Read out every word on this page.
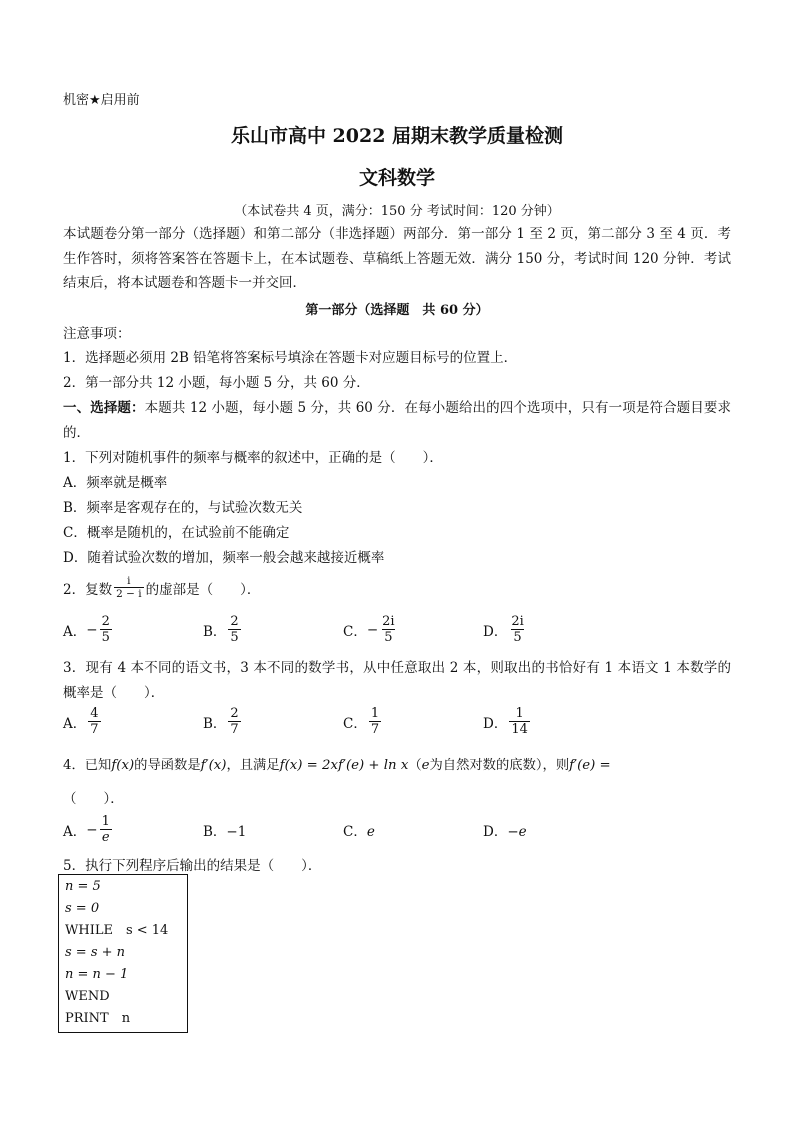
机密★启用前
乐山市高中 2022 届期末教学质量检测
文科数学
（本试卷共 4 页，满分：150 分 考试时间：120 分钟）
本试题卷分第一部分（选择题）和第二部分（非选择题）两部分．第一部分 1 至 2 页，第二部分 3 至 4 页．考生作答时，须将答案答在答题卡上，在本试题卷、草稿纸上答题无效．满分 150 分，考试时间 120 分钟．考试结束后，将本试题卷和答题卡一并交回．
第一部分（选择题　共 60 分）
注意事项：
1．选择题必须用 2B 铅笔将答案标号填涂在答题卡对应题目标号的位置上．
2．第一部分共 12 小题，每小题 5 分，共 60 分．
一、选择题：本题共 12 小题，每小题 5 分，共 60 分．在每小题给出的四个选项中，只有一项是符合题目要求的．
1．下列对随机事件的频率与概率的叙述中，正确的是（　　）．
A．频率就是概率
B．频率是客观存在的，与试验次数无关
C．概率是随机的，在试验前不能确定
D．随着试验次数的增加，频率一般会越来越接近概率
2．复数 $\frac{i}{2 - i}$ 的虚部是（　　）．
A． − $\frac{2}{5}$	B． $\frac{2}{5}$	C． − $\frac{2i}{5}$	D． $\frac{2i}{5}$
3．现有 4 本不同的语文书，3 本不同的数学书，从中任意取出 2 本，则取出的书恰好有 1 本语文 1 本数学的概率是（　　）．
A． $\frac{4}{7}$	B． $\frac{2}{7}$	C． $\frac{1}{7}$	D． $\frac{1}{14}$
4．已知f(x)的导函数是f′(x)，且满足f(x) = 2xf′(e) + ln x（e为自然对数的底数），则f′(e) =
（　　）．
A． − $\frac{1}{e}$	B．−1	C．e	D．−e
5．执行下列程序后输出的结果是（　　）．
n = 5
s = 0
WHILE　s < 14
s = s + n
n = n − 1
WEND
PRINT　n
